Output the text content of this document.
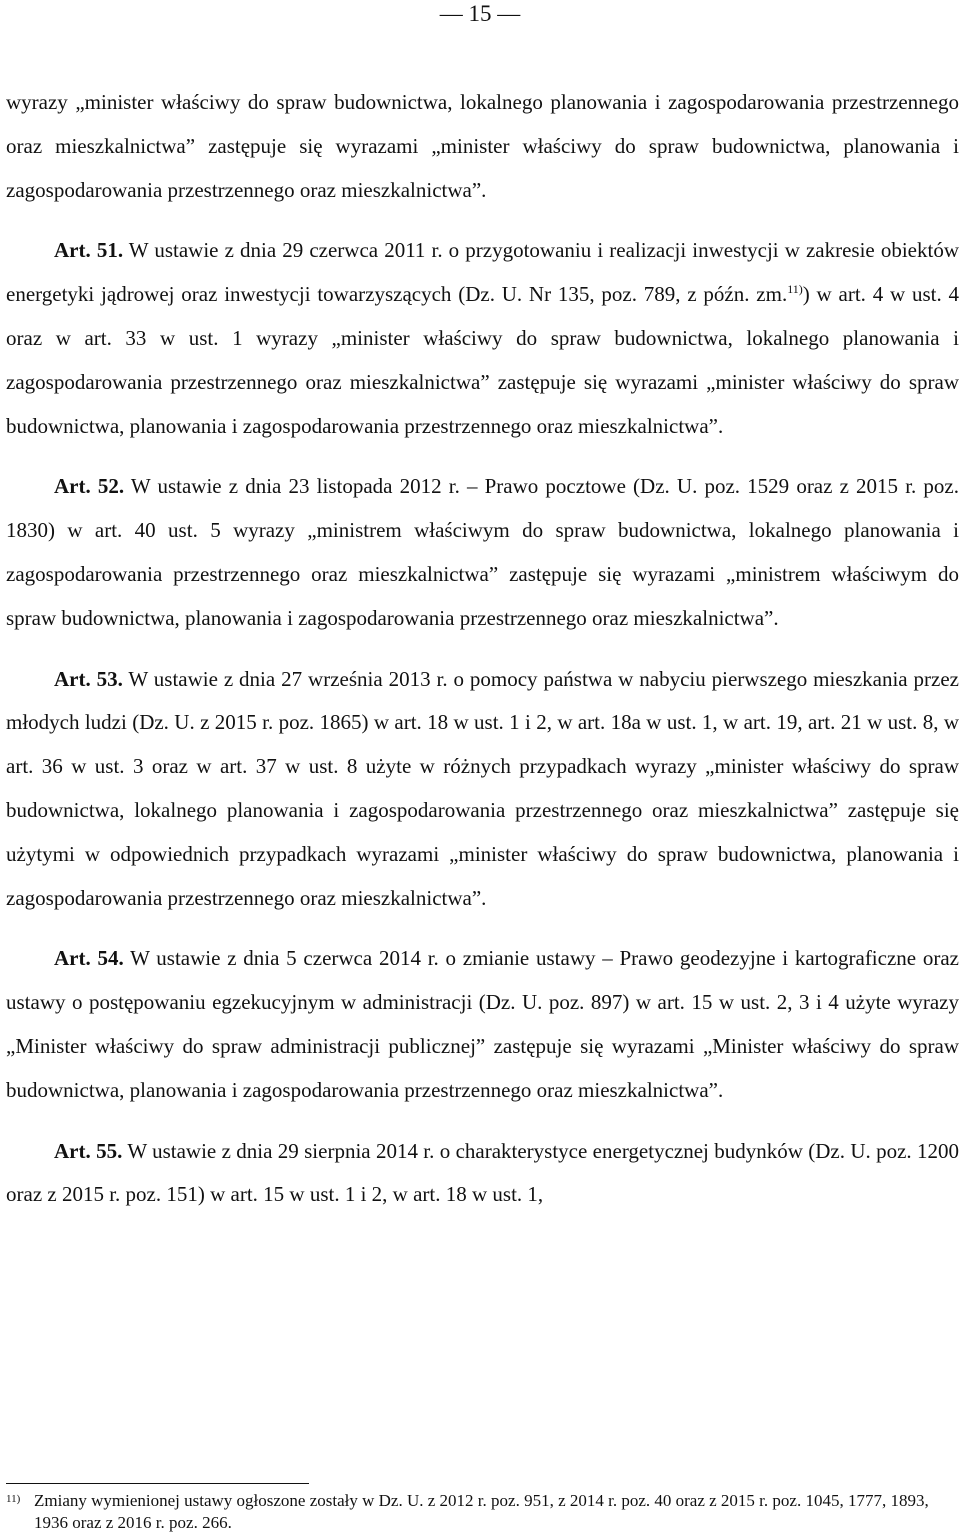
— 15 —

wyrazy „minister właściwy do spraw budownictwa, lokalnego planowania i zagospodarowania przestrzennego oraz mieszkalnictwa” zastępuje się wyrazami „minister właściwy do spraw budownictwa, planowania i zagospodarowania przestrzennego oraz mieszkalnictwa”.

Art. 51. W ustawie z dnia 29 czerwca 2011 r. o przygotowaniu i realizacji inwestycji w zakresie obiektów energetyki jądrowej oraz inwestycji towarzyszących (Dz. U. Nr 135, poz. 789, z późn. zm.$^{11)}$) w art. 4 w ust. 4 oraz w art. 33 w ust. 1 wyrazy „minister właściwy do spraw budownictwa, lokalnego planowania i zagospodarowania przestrzennego oraz mieszkalnictwa” zastępuje się wyrazami „minister właściwy do spraw budownictwa, planowania i zagospodarowania przestrzennego oraz mieszkalnictwa”.

Art. 52. W ustawie z dnia 23 listopada 2012 r. – Prawo pocztowe (Dz. U. poz. 1529 oraz z 2015 r. poz. 1830) w art. 40 ust. 5 wyrazy „ministrem właściwym do spraw budownictwa, lokalnego planowania i zagospodarowania przestrzennego oraz mieszkalnictwa” zastępuje się wyrazami „ministrem właściwym do spraw budownictwa, planowania i zagospodarowania przestrzennego oraz mieszkalnictwa”.

Art. 53. W ustawie z dnia 27 września 2013 r. o pomocy państwa w nabyciu pierwszego mieszkania przez młodych ludzi (Dz. U. z 2015 r. poz. 1865) w art. 18 w ust. 1 i 2, w art. 18a w ust. 1, w art. 19, art. 21 w ust. 8, w art. 36 w ust. 3 oraz w art. 37 w ust. 8 użyte w różnych przypadkach wyrazy „minister właściwy do spraw budownictwa, lokalnego planowania i zagospodarowania przestrzennego oraz mieszkalnictwa” zastępuje się użytymi w odpowiednich przypadkach wyrazami „minister właściwy do spraw budownictwa, planowania i zagospodarowania przestrzennego oraz mieszkalnictwa”.

Art. 54. W ustawie z dnia 5 czerwca 2014 r. o zmianie ustawy – Prawo geodezyjne i kartograficzne oraz ustawy o postępowaniu egzekucyjnym w administracji (Dz. U. poz. 897) w art. 15 w ust. 2, 3 i 4 użyte wyrazy „Minister właściwy do spraw administracji publicznej” zastępuje się wyrazami „Minister właściwy do spraw budownictwa, planowania i zagospodarowania przestrzennego oraz mieszkalnictwa”.

Art. 55. W ustawie z dnia 29 sierpnia 2014 r. o charakterystyce energetycznej budynków (Dz. U. poz. 1200 oraz z 2015 r. poz. 151) w art. 15 w ust. 1 i 2, w art. 18 w ust. 1,

11) Zmiany wymienionej ustawy ogłoszone zostały w Dz. U. z 2012 r. poz. 951, z 2014 r. poz. 40 oraz z 2015 r. poz. 1045, 1777, 1893, 1936 oraz z 2016 r. poz. 266.
